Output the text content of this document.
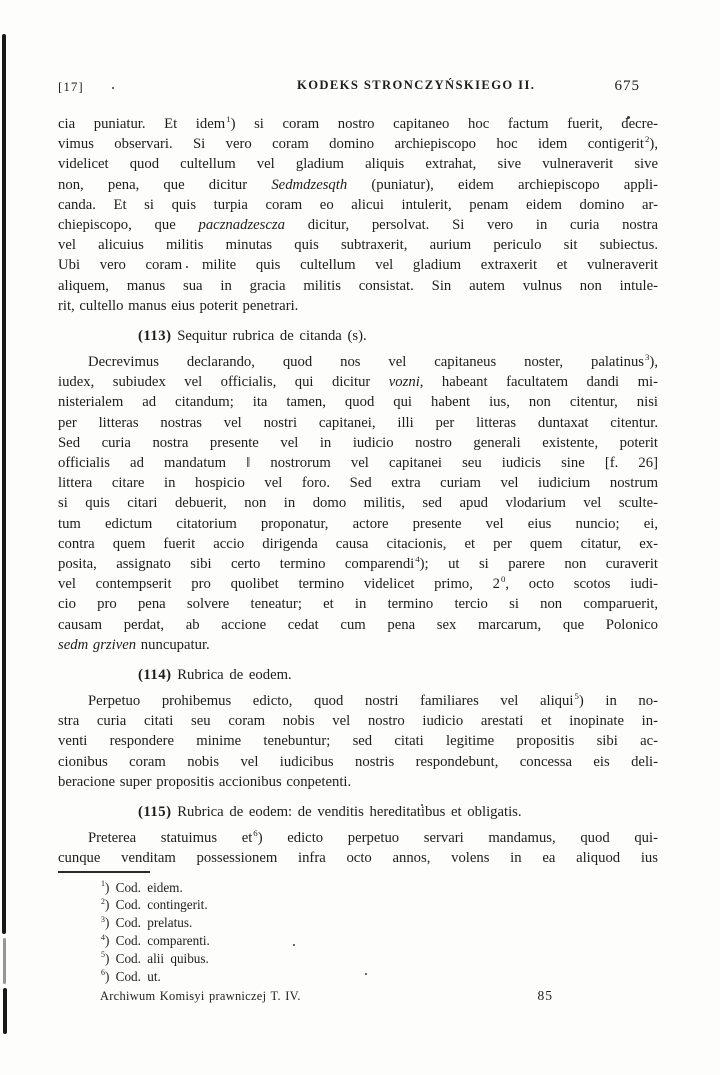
[17]	KODEKS STRONCZYŃSKIEGO II.	675
cia puniatur. Et idem$^1$) si coram nostro capitaneo hoc factum fuerit, decre-
vimus observari. Si vero coram domino archiepiscopo hoc idem contigerit$^2$),
videlicet quod cultellum vel gladium aliquis extrahat, sive vulneraverit sive
non, pena, que dicitur Sedmdzesqth (puniatur), eidem archiepiscopo appli-
canda. Et si quis turpia coram eo alicui intulerit, penam eidem domino ar-
chiepiscopo, que pacznadzescza dicitur, persolvat. Si vero in curia nostra
vel alicuius militis minutas quis subtraxerit, aurium periculo sit subiectus.
Ubi vero coram milite quis cultellum vel gladium extraxerit et vulneraverit
aliquem, manus sua in gracia militis consistat. Sin autem vulnus non intule-
rit, cultello manus eius poterit penetrari.
(113) Sequitur rubrica de citanda (s).
Decrevimus declarando, quod nos vel capitaneus noster, palatinus$^3$),
iudex, subiudex vel officialis, qui dicitur vozni, habeant facultatem dandi mi-
nisterialem ad citandum; ita tamen, quod qui habent ius, non citentur, nisi
per litteras nostras vel nostri capitanei, illi per litteras duntaxat citentur.
Sed curia nostra presente vel in iudicio nostro generali existente, poterit
officialis ad mandatum ‖ nostrorum vel capitanei seu iudicis sine [f. 26]
littera citare in hospicio vel foro. Sed extra curiam vel iudicium nostrum
si quis citari debuerit, non in domo militis, sed apud vlodarium vel sculte-
tum edictum citatorium proponatur, actore presente vel eius nuncio; ei,
contra quem fuerit accio dirigenda causa citacionis, et per quem citatur, ex-
posita, assignato sibi certo termino comparendi$^4$); ut si parere non curaverit
vel contempserit pro quolibet termino videlicet primo, $2^0$, octo scotos iudi-
cio pro pena solvere teneatur; et in termino tercio si non comparuerit,
causam perdat, ab accione cedat cum pena sex marcarum, que Polonico
sedm grziven nuncupatur.
(114) Rubrica de eodem.
Perpetuo prohibemus edicto, quod nostri familiares vel aliqui$^5$) in no-
stra curia citati seu coram nobis vel nostro iudicio arestati et inopinate in-
venti respondere minime tenebuntur; sed citati legitime propositis sibi ac-
cionibus coram nobis vel iudicibus nostris respondebunt, concessa eis deli-
beracione super propositis accionibus conpetenti.
(115) Rubrica de eodem: de venditis hereditatibus et obligatis.
Preterea statuimus $et^6$) edicto perpetuo servari mandamus, quod qui-
cunque venditam possessionem infra octo annos, volens in ea aliquod ius
$^1$) Cod. eidem.
$^2$) Cod. contingerit.
$^3$) Cod. prelatus.
$^4$) Cod. comparenti.
$^5$) Cod. alii quibus.
$^6$) Cod. ut.
Archiwum Komisyi prawniczej T. IV.	85
